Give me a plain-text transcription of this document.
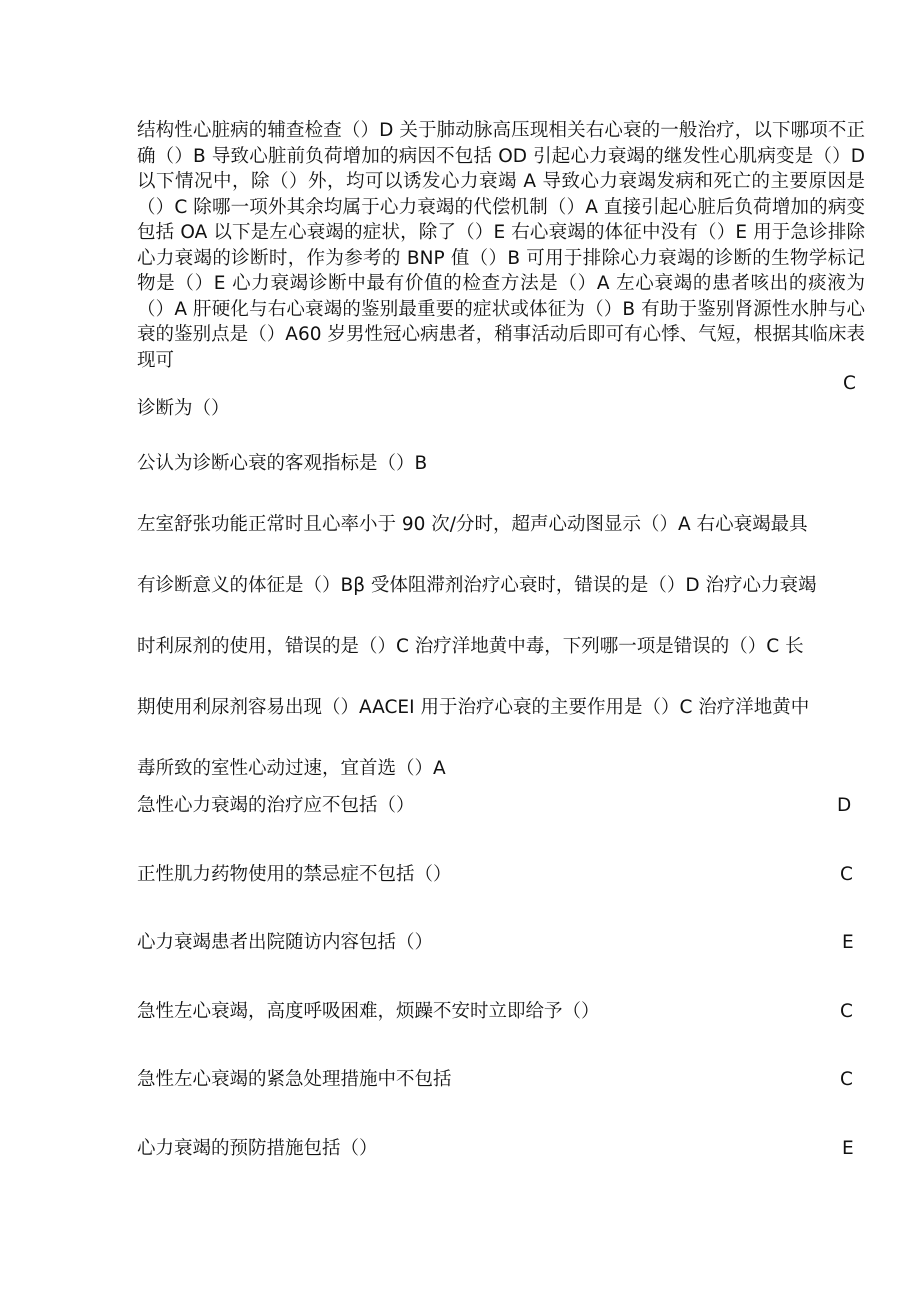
结构性心脏病的辅查检查（）D 关于肺动脉高压现相关右心衰的一般治疗，以下哪项不正确（）B 导致心脏前负荷增加的病因不包括 OD 引起心力衰竭的继发性心肌病变是（）D 以下情况中，除（）外，均可以诱发心力衰竭 A 导致心力衰竭发病和死亡的主要原因是（）C 除哪一项外其余均属于心力衰竭的代偿机制（）A 直接引起心脏后负荷增加的病变包括 OA 以下是左心衰竭的症状，除了（）E 右心衰竭的体征中没有（）E 用于急诊排除心力衰竭的诊断时，作为参考的 BNP 值（）B 可用于排除心力衰竭的诊断的生物学标记物是（）E 心力衰竭诊断中最有价值的检查方法是（）A 左心衰竭的患者咳出的痰液为（）A 肝硬化与右心衰竭的鉴别最重要的症状或体征为（）B 有助于鉴别肾源性水肿与心衰的鉴别点是（）A60 岁男性冠心病患者，稍事活动后即可有心悸、气短，根据其临床表现可

C

诊断为（）

公认为诊断心衰的客观指标是（）B

左室舒张功能正常时且心率小于 90 次/分时，超声心动图显示（）A 右心衰竭最具

有诊断意义的体征是（）Bβ 受体阻滞剂治疗心衰时，错误的是（）D 治疗心力衰竭

时利尿剂的使用，错误的是（）C 治疗洋地黄中毒，下列哪一项是错误的（）C 长

期使用利尿剂容易出现（）AACEI 用于治疗心衰的主要作用是（）C 治疗洋地黄中

毒所致的室性心动过速，宜首选（）A

急性心力衰竭的治疗应不包括（）	D

正性肌力药物使用的禁忌症不包括（）	C

心力衰竭患者出院随访内容包括（）	E

急性左心衰竭，高度呼吸困难，烦躁不安时立即给予（）	C

急性左心衰竭的紧急处理措施中不包括	C

心力衰竭的预防措施包括（）	E
